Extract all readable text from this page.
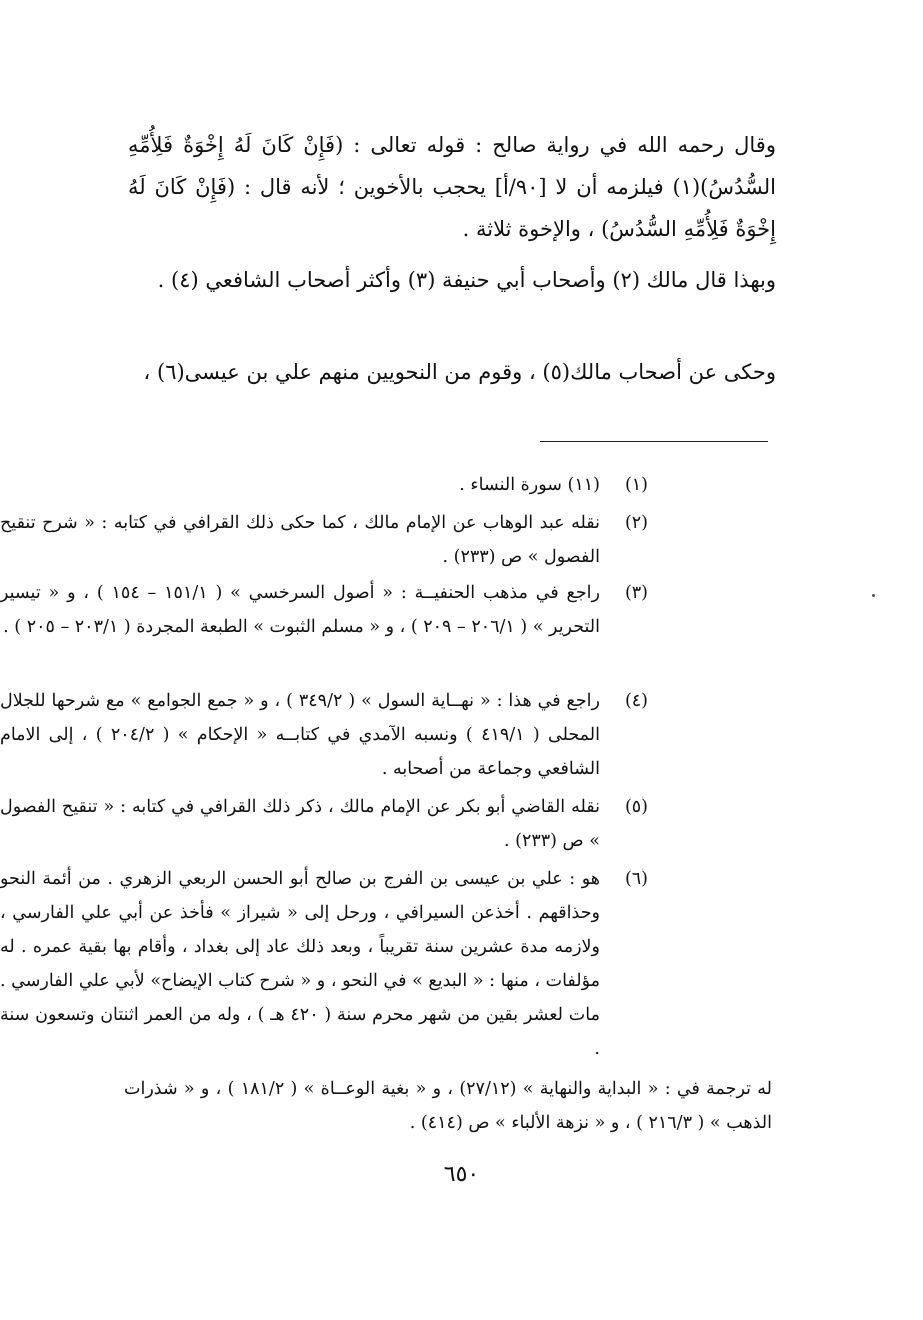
وقال رحمه الله في رواية صالح : قوله تعالى : (فَإِنْ كَانَ لَهُ إِخْوَةٌ فَلِأُمِّهِ السُّدُسُ)(١) فيلزمه أن لا [٩٠/أ] يحجب بالأخوين ؛ لأنه قال : (فَإِنْ كَانَ لَهُ إِخْوَةٌ فَلِأُمِّهِ السُّدُسُ) ، والإخوة ثلاثة .
وبهذا قال مالك (٢) وأصحاب أبي حنيفة (٣) وأكثر أصحاب الشافعي (٤) .
وحكى عن أصحاب مالك(٥) ، وقوم من النحويين منهم علي بن عيسى(٦) ،
(١)
(١١) سورة النساء .
(٢)
نقله عبد الوهاب عن الإمام مالك ، كما حكى ذلك القرافي في كتابه : « شرح تنقيح الفصول » ص (٢٣٣) .
(٣)
راجع في مذهب الحنفيــة : « أصول السرخسي » ( ١٥١/١ – ١٥٤ ) ، و « تيسير التحرير » ( ٢٠٦/١ – ٢٠٩ ) ، و « مسلم الثبوت » الطبعة المجردة ( ٢٠٣/١ – ٢٠٥ ) .
(٤)
راجع في هذا : « نهــاية السول » ( ٣٤٩/٢ ) ، و « جمع الجوامع » مع شرحها للجلال المحلى ( ٤١٩/١ ) ونسبه الآمدي في كتابــه « الإحكام » ( ٢٠٤/٢ ) ، إلى الامام الشافعي وجماعة من أصحابه .
(٥)
نقله القاضي أبو بكر عن الإمام مالك ، ذكر ذلك القرافي في كتابه : « تنقيح الفصول » ص (٢٣٣) .
(٦)
هو : علي بن عيسى بن الفرج بن صالح أبو الحسن الربعي الزهري . من أئمة النحو وحذاقهم . أخذعن السيرافي ، ورحل إلى « شيراز » فأخذ عن أبي علي الفارسي ، ولازمه مدة عشرين سنة تقريباً ، وبعد ذلك عاد إلى بغداد ، وأقام بها بقية عمره . له مؤلفات ، منها : « البديع » في النحو ، و « شرح كتاب الإيضاح» لأبي علي الفارسي . مات لعشر بقين من شهر محرم سنة ( ٤٢٠ هـ ) ، وله من العمر اثنتان وتسعون سنة .
له ترجمة في : « البداية والنهاية » (٢٧/١٢) ، و « بغية الوعــاة » ( ١٨١/٢ ) ، و « شذرات الذهب » ( ٢١٦/٣ ) ، و « نزهة الألباء » ص (٤١٤) .
٦٥٠
